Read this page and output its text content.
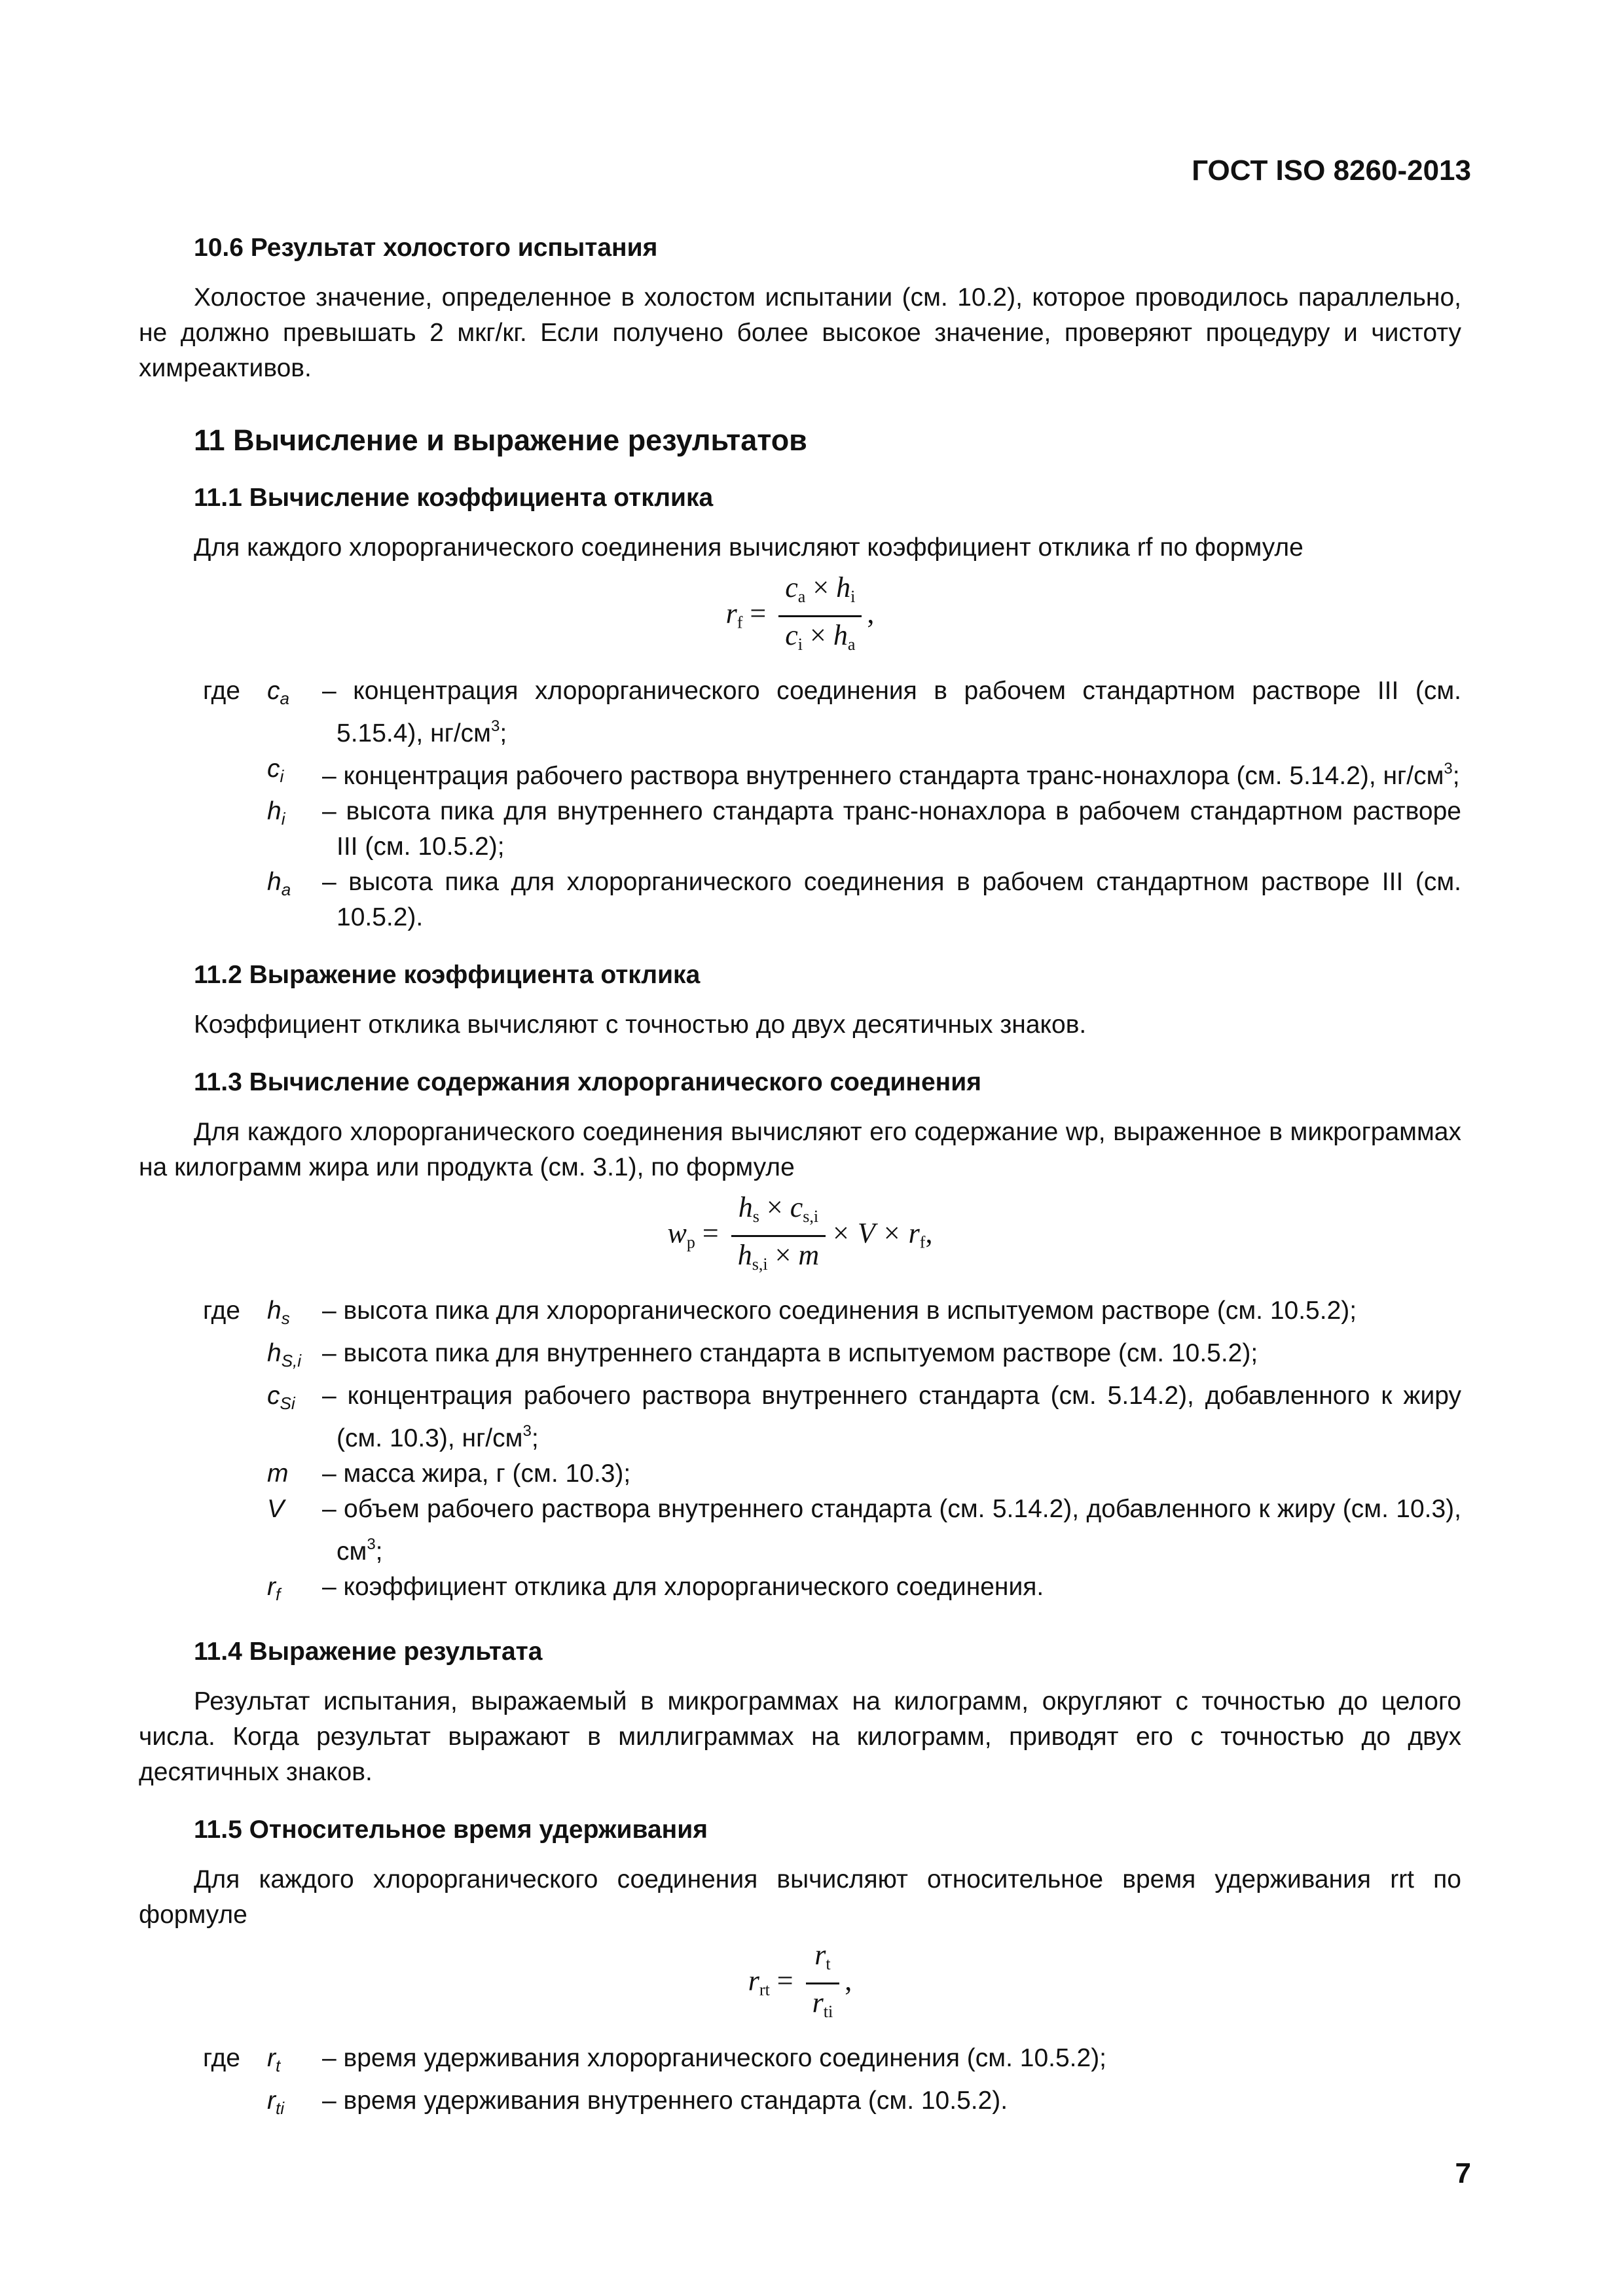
ГОСТ ISO 8260-2013
10.6 Результат холостого испытания

Холостое значение, определенное в холостом испытании (см. 10.2), которое проводилось параллельно, не должно превышать 2 мкг/кг. Если получено более высокое значение, проверяют процедуру и чистоту химреактивов.

11 Вычисление и выражение результатов
11.1 Вычисление коэффициента отклика

Для каждого хлорорганического соединения вычисляют коэффициент отклика rf по формуле

$r_f = \frac{c_a \times h_i}{c_i \times h_a}$ ,
где	$c_a$	– концентрация хлорорганического соединения в рабочем стандартном растворе III (см. 5.15.4), $нг/см^3$;
$c_i$	– концентрация рабочего раствора внутреннего стандарта транс-нонахлора (см. 5.14.2), $нг/см^3$;
$h_i$	– высота пика для внутреннего стандарта транс-нонахлора в рабочем стандартном растворе III (см. 10.5.2);
$h_a$	– высота пика для хлорорганического соединения в рабочем стандартном растворе III (см. 10.5.2).
11.2 Выражение коэффициента отклика

Коэффициент отклика вычисляют с точностью до двух десятичных знаков.

11.3 Вычисление содержания хлорорганического соединения

Для каждого хлорорганического соединения вычисляют его содержание wp, выраженное в микрограммах на килограмм жира или продукта (см. 3.1), по формуле

$w_p = \frac{h_s \times c_{s,i}}{h_{s,i} \times m} \times V \times r_f$,
где	$h_s$	– высота пика для хлорорганического соединения в испытуемом растворе (см. 10.5.2);
$h_{S,i}$ – высота пика для внутреннего стандарта в испытуемом растворе (см. 10.5.2);
$c_{Si}$	– концентрация рабочего раствора внутреннего стандарта (см. 5.14.2), добавленного к жиру (см. 10.3), $нг/см^3$;
m	– масса жира, г (см. 10.3);
V	– объем рабочего раствора внутреннего стандарта (см. 5.14.2), добавленного к жиру (см. 10.3), $см^3$;
$r_f$	– коэффициент отклика для хлорорганического соединения.
11.4 Выражение результата

Результат испытания, выражаемый в микрограммах на килограмм, округляют с точностью до целого числа. Когда результат выражают в миллиграммах на килограмм, приводят его с точностью до двух десятичных знаков.

11.5 Относительное время удерживания

Для каждого хлорорганического соединения вычисляют относительное время удерживания rrt по формуле

$r_{rt} = \frac{r_t}{r_{ti}}$ ,
где	$r_t$	– время удерживания хлорорганического соединения (см. 10.5.2);
$r_{ti}$	– время удерживания внутреннего стандарта (см. 10.5.2).
7
